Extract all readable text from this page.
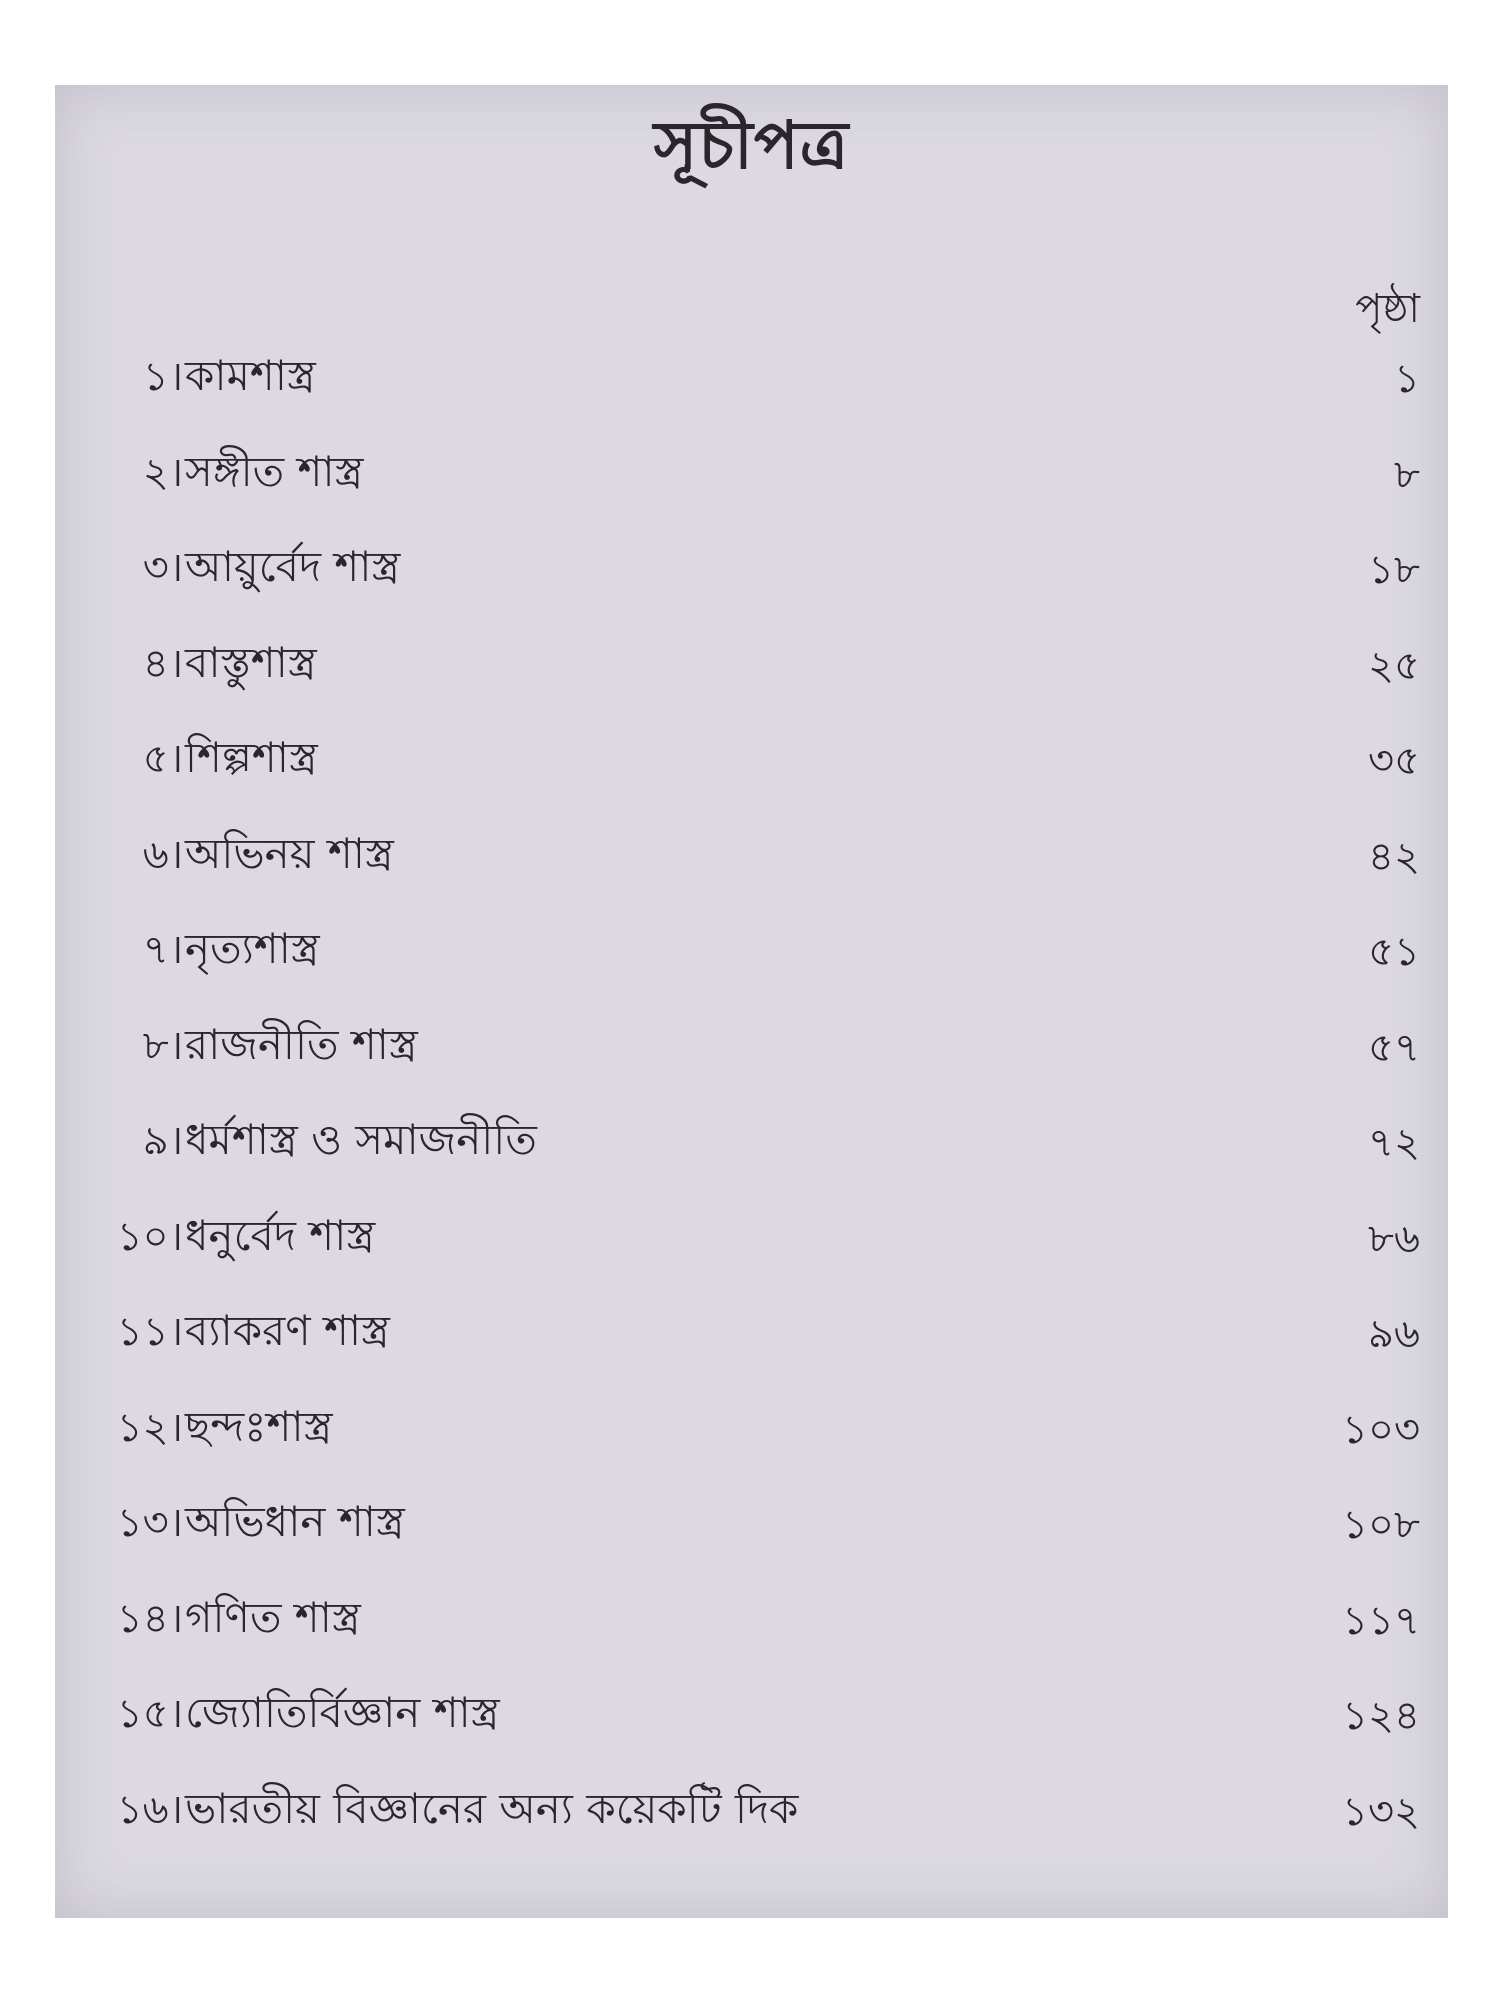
সূচীপত্র
পৃষ্ঠা
১। কামশাস্ত্র	১
২। সঙ্গীত শাস্ত্র	৮
৩। আয়ুর্বেদ শাস্ত্র	১৮
৪। বাস্তুশাস্ত্র	২৫
৫। শিল্পশাস্ত্র	৩৫
৬। অভিনয় শাস্ত্র	৪২
৭। নৃত্যশাস্ত্র	৫১
৮। রাজনীতি শাস্ত্র	৫৭
৯। ধর্মশাস্ত্র ও সমাজনীতি	৭২
১০। ধনুর্বেদ শাস্ত্র	৮৬
১১। ব্যাকরণ শাস্ত্র	৯৬
১২। ছন্দঃশাস্ত্র	১০৩
১৩। অভিধান শাস্ত্র	১০৮
১৪। গণিত শাস্ত্র	১১৭
১৫। জ্যোতির্বিজ্ঞান শাস্ত্র	১২৪
১৬। ভারতীয় বিজ্ঞানের অন্য কয়েকটি দিক	১৩২
